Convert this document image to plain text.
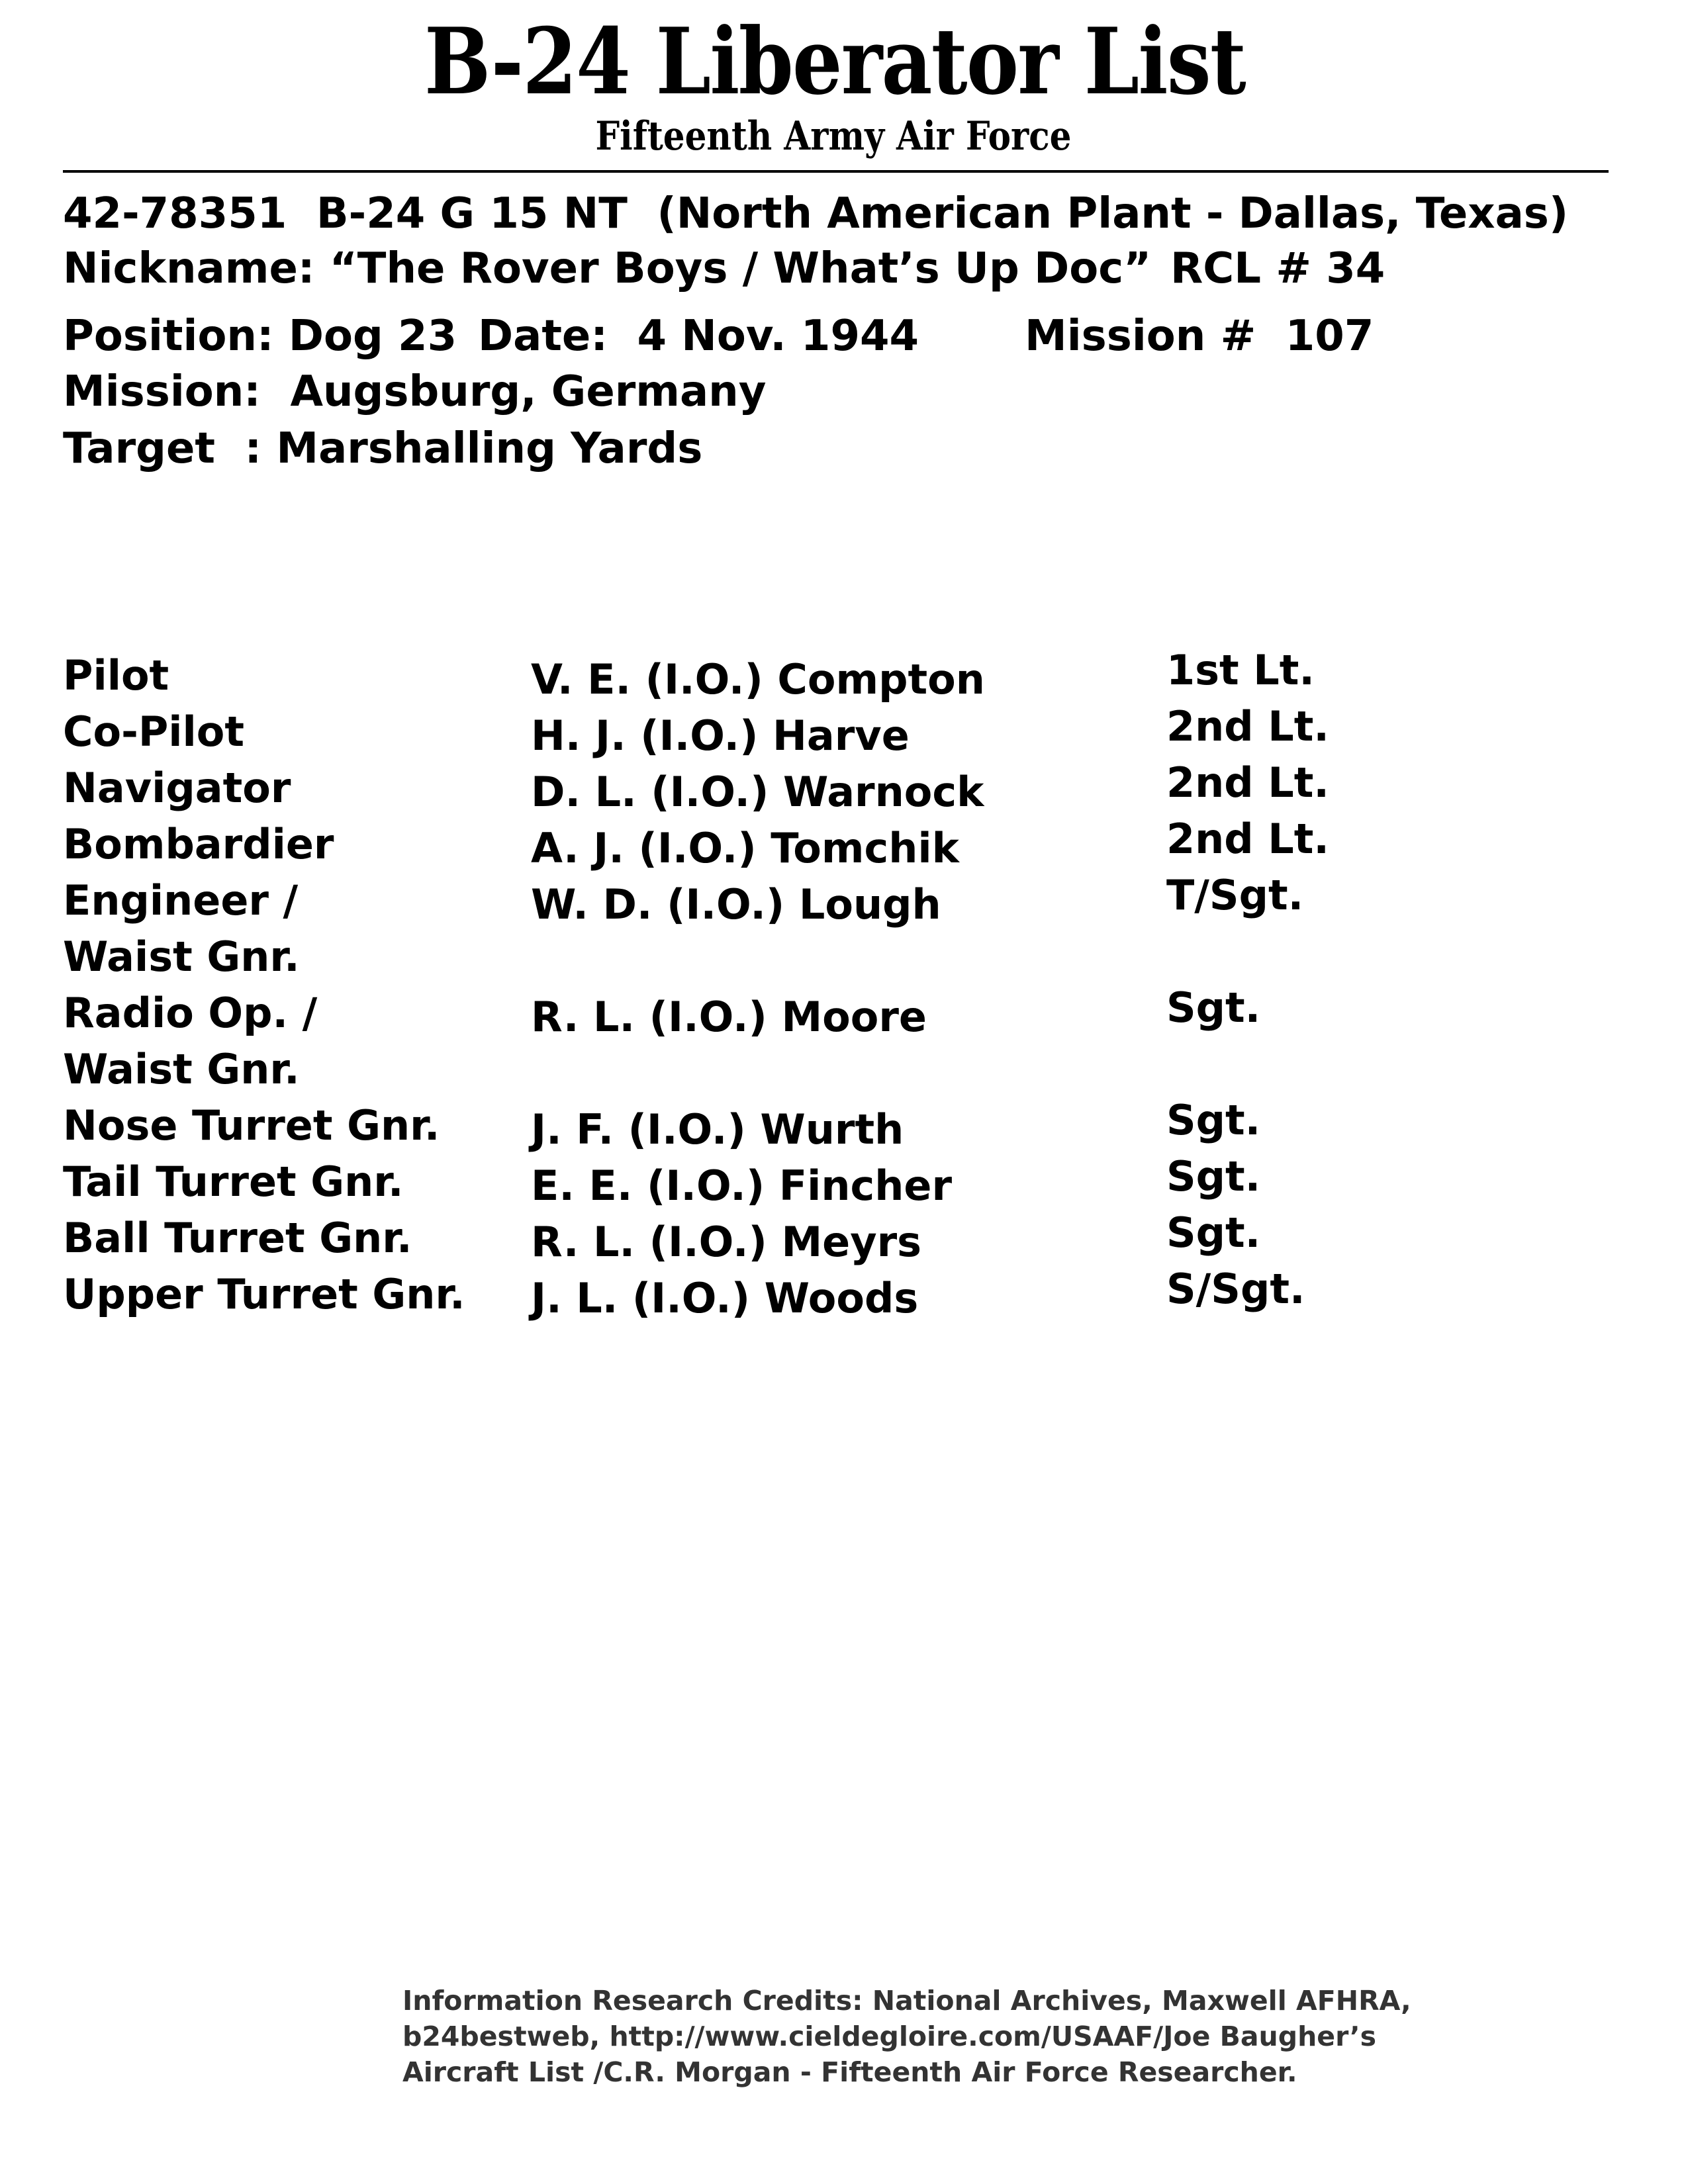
B-24 Liberator List
Fifteenth Army Air Force
42-78351  B-24 G 15 NT  (North American Plant - Dallas, Texas)
Nickname: “The Rover Boys / What’s Up Doc” RCL # 34
Position: Dog 23 Date:  4 Nov. 1944 Mission #  107
Mission:  Augsburg, Germany
Target  : Marshalling Yards
Pilot
Co-Pilot
Navigator
Bombardier
Engineer /
Waist Gnr.
Radio Op. /
Waist Gnr.
Nose Turret Gnr.
Tail Turret Gnr.
Ball Turret Gnr.
Upper Turret Gnr.
V. E. (I.O.) Compton
H. J. (I.O.) Harve
D. L. (I.O.) Warnock
A. J. (I.O.) Tomchik
W. D. (I.O.) Lough
R. L. (I.O.) Moore
J. F. (I.O.) Wurth
E. E. (I.O.) Fincher
R. L. (I.O.) Meyrs
J. L. (I.O.) Woods
1st Lt.
2nd Lt.
2nd Lt.
2nd Lt.
T/Sgt.
Sgt.
Sgt.
Sgt.
Sgt.
S/Sgt.
Information Research Credits: National Archives, Maxwell AFHRA,
b24bestweb, http://www.cieldegloire.com/USAAF/Joe Baugher’s
Aircraft List /C.R. Morgan - Fifteenth Air Force Researcher.
